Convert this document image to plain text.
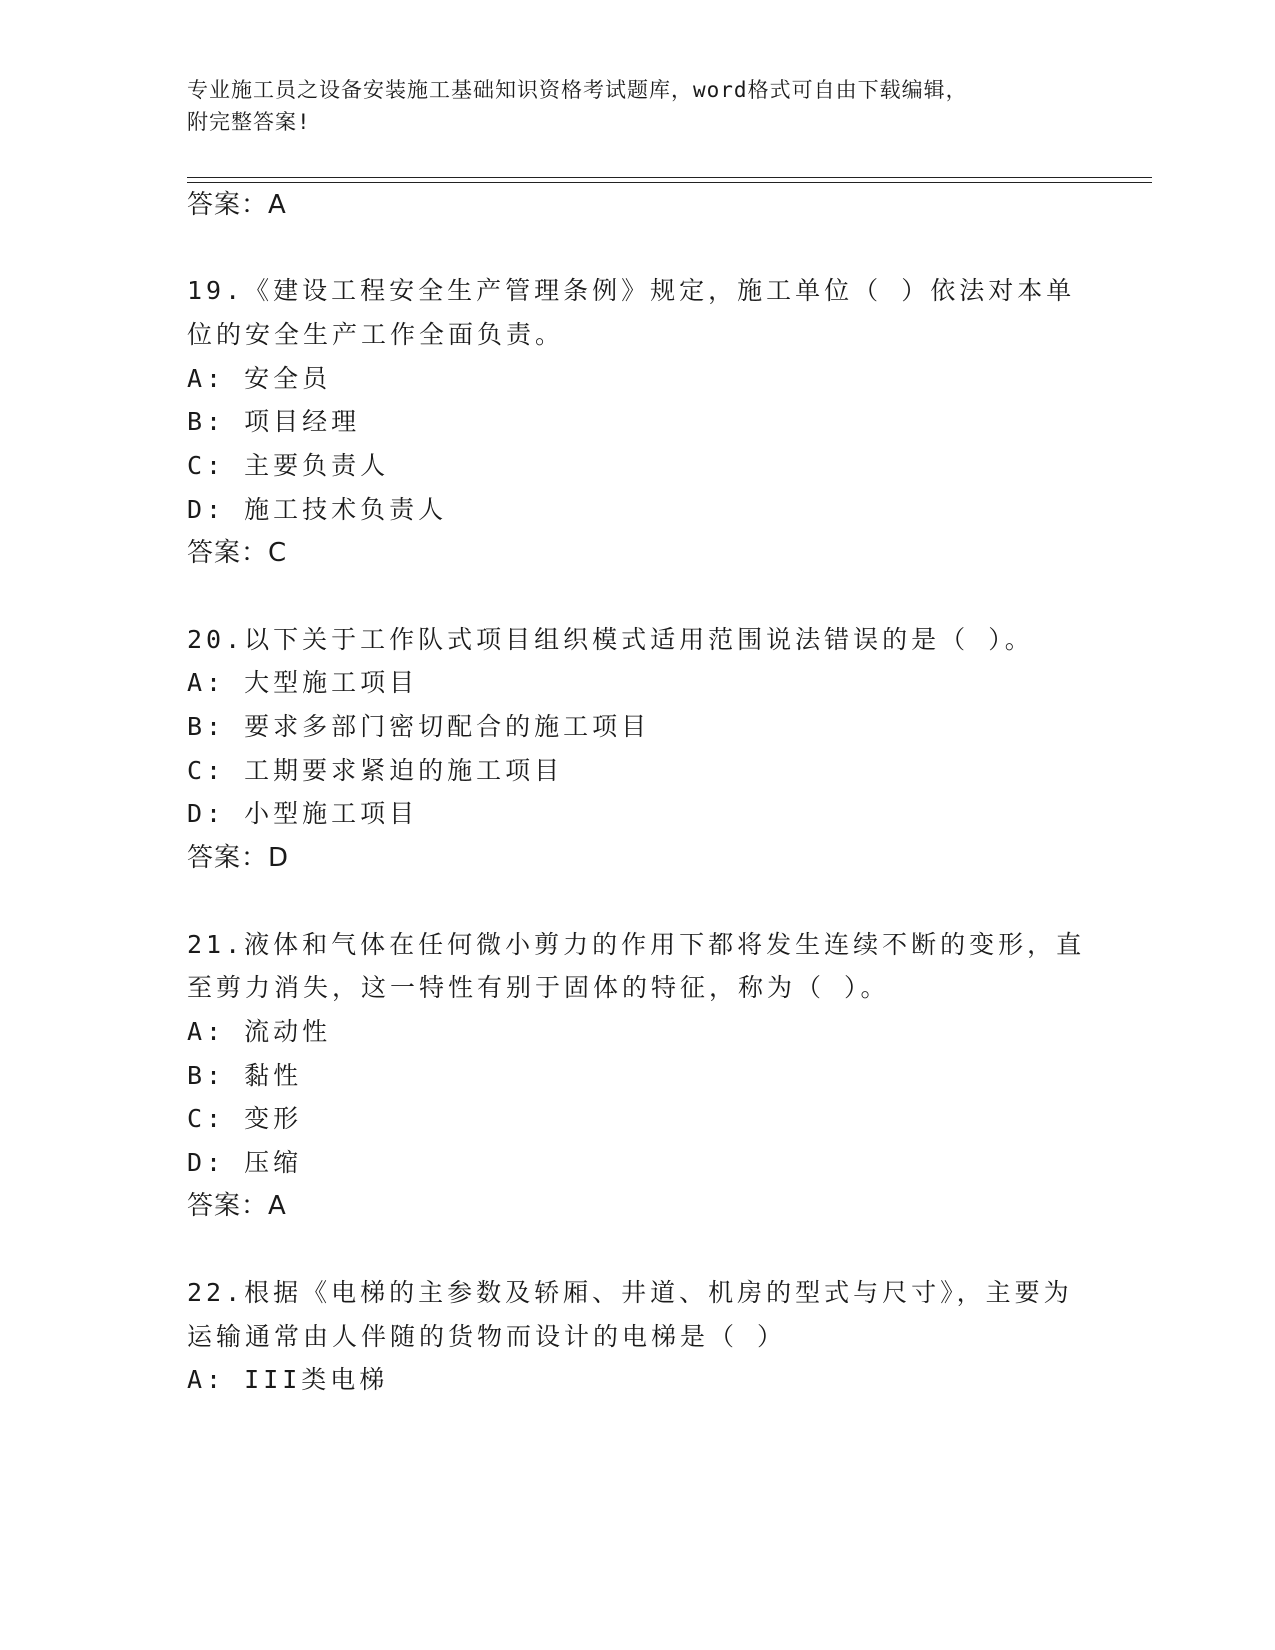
专业施工员之设备安装施工基础知识资格考试题库，word格式可自由下载编辑，
附完整答案!
答案：A
19.《建设工程安全生产管理条例》规定，施工单位（ ）依法对本单
位的安全生产工作全面负责。
A: 安全员
B: 项目经理
C: 主要负责人
D: 施工技术负责人
答案：C
20.以下关于工作队式项目组织模式适用范围说法错误的是（ ）。
A: 大型施工项目
B: 要求多部门密切配合的施工项目
C: 工期要求紧迫的施工项目
D: 小型施工项目
答案：D
21.液体和气体在任何微小剪力的作用下都将发生连续不断的变形，直
至剪力消失，这一特性有别于固体的特征，称为（ ）。
A: 流动性
B: 黏性
C: 变形
D: 压缩
答案：A
22.根据《电梯的主参数及轿厢、井道、机房的型式与尺寸》，主要为
运输通常由人伴随的货物而设计的电梯是（ ）
A: III类电梯
